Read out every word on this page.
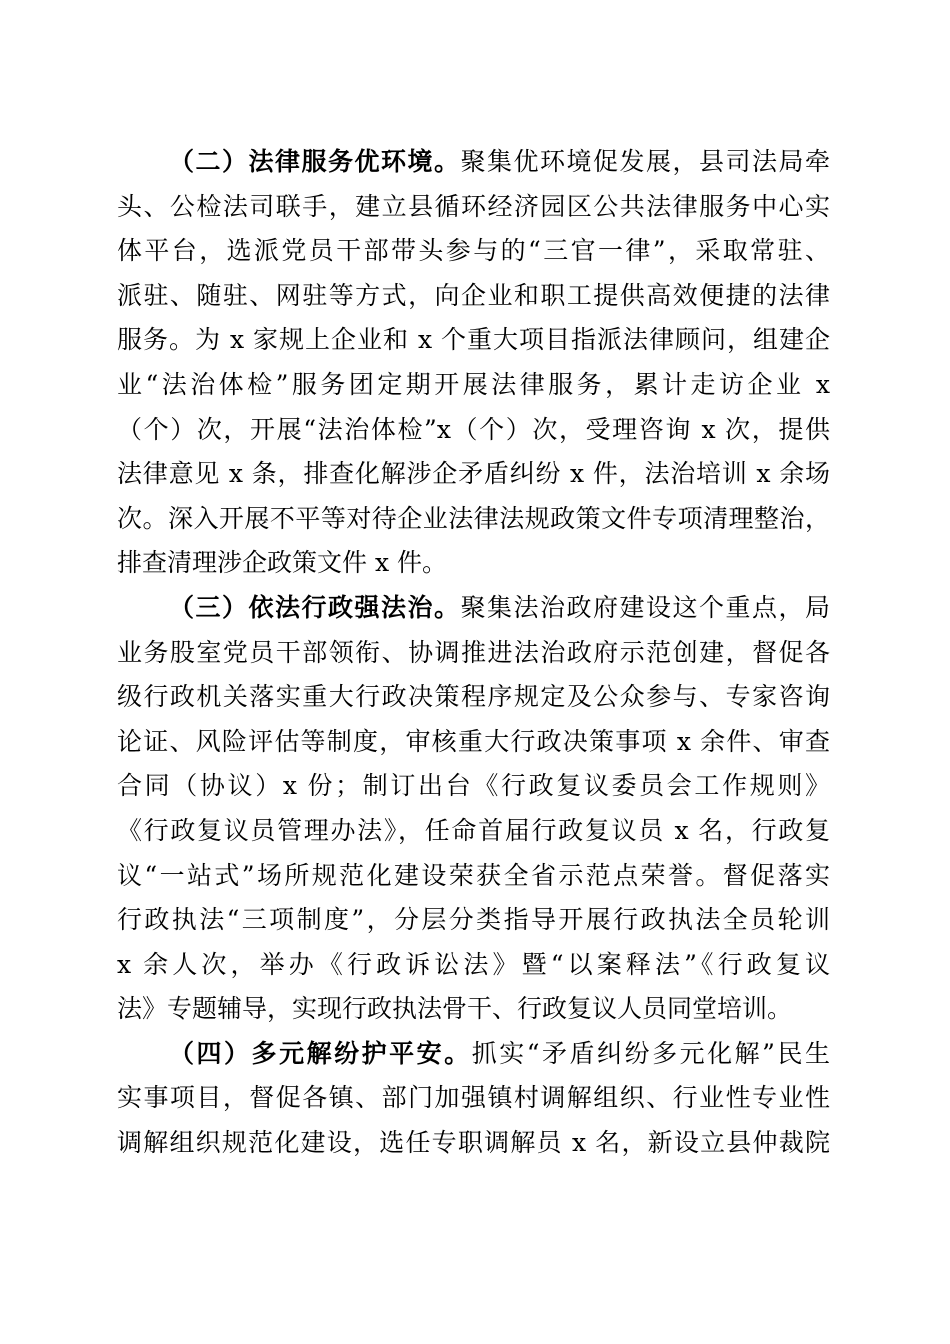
（二）法律服务优环境。聚集优环境促发展，县司法局牵
头、公检法司联手，建立县循环经济园区公共法律服务中心实
体平台，选派党员干部带头参与的“三官一律”，采取常驻、
派驻、随驻、网驻等方式，向企业和职工提供高效便捷的法律
服务。为 x 家规上企业和 x 个重大项目指派法律顾问，组建企
业“法治体检”服务团定期开展法律服务，累计走访企业 x
（个）次，开展“法治体检”x（个）次，受理咨询 x 次，提供
法律意见 x 条，排查化解涉企矛盾纠纷 x 件，法治培训 x 余场
次。深入开展不平等对待企业法律法规政策文件专项清理整治，
排查清理涉企政策文件 x 件。
（三）依法行政强法治。聚集法治政府建设这个重点，局
业务股室党员干部领衔、协调推进法治政府示范创建，督促各
级行政机关落实重大行政决策程序规定及公众参与、专家咨询
论证、风险评估等制度，审核重大行政决策事项 x 余件、审查
合同（协议）x 份；制订出台《行政复议委员会工作规则》
《行政复议员管理办法》，任命首届行政复议员 x 名，行政复
议“一站式”场所规范化建设荣获全省示范点荣誉。督促落实
行政执法“三项制度”，分层分类指导开展行政执法全员轮训
x 余人次，举办《行政诉讼法》暨“以案释法”《行政复议
法》专题辅导，实现行政执法骨干、行政复议人员同堂培训。
（四）多元解纷护平安。抓实“矛盾纠纷多元化解”民生
实事项目，督促各镇、部门加强镇村调解组织、行业性专业性
调解组织规范化建设，选任专职调解员 x 名，新设立县仲裁院
